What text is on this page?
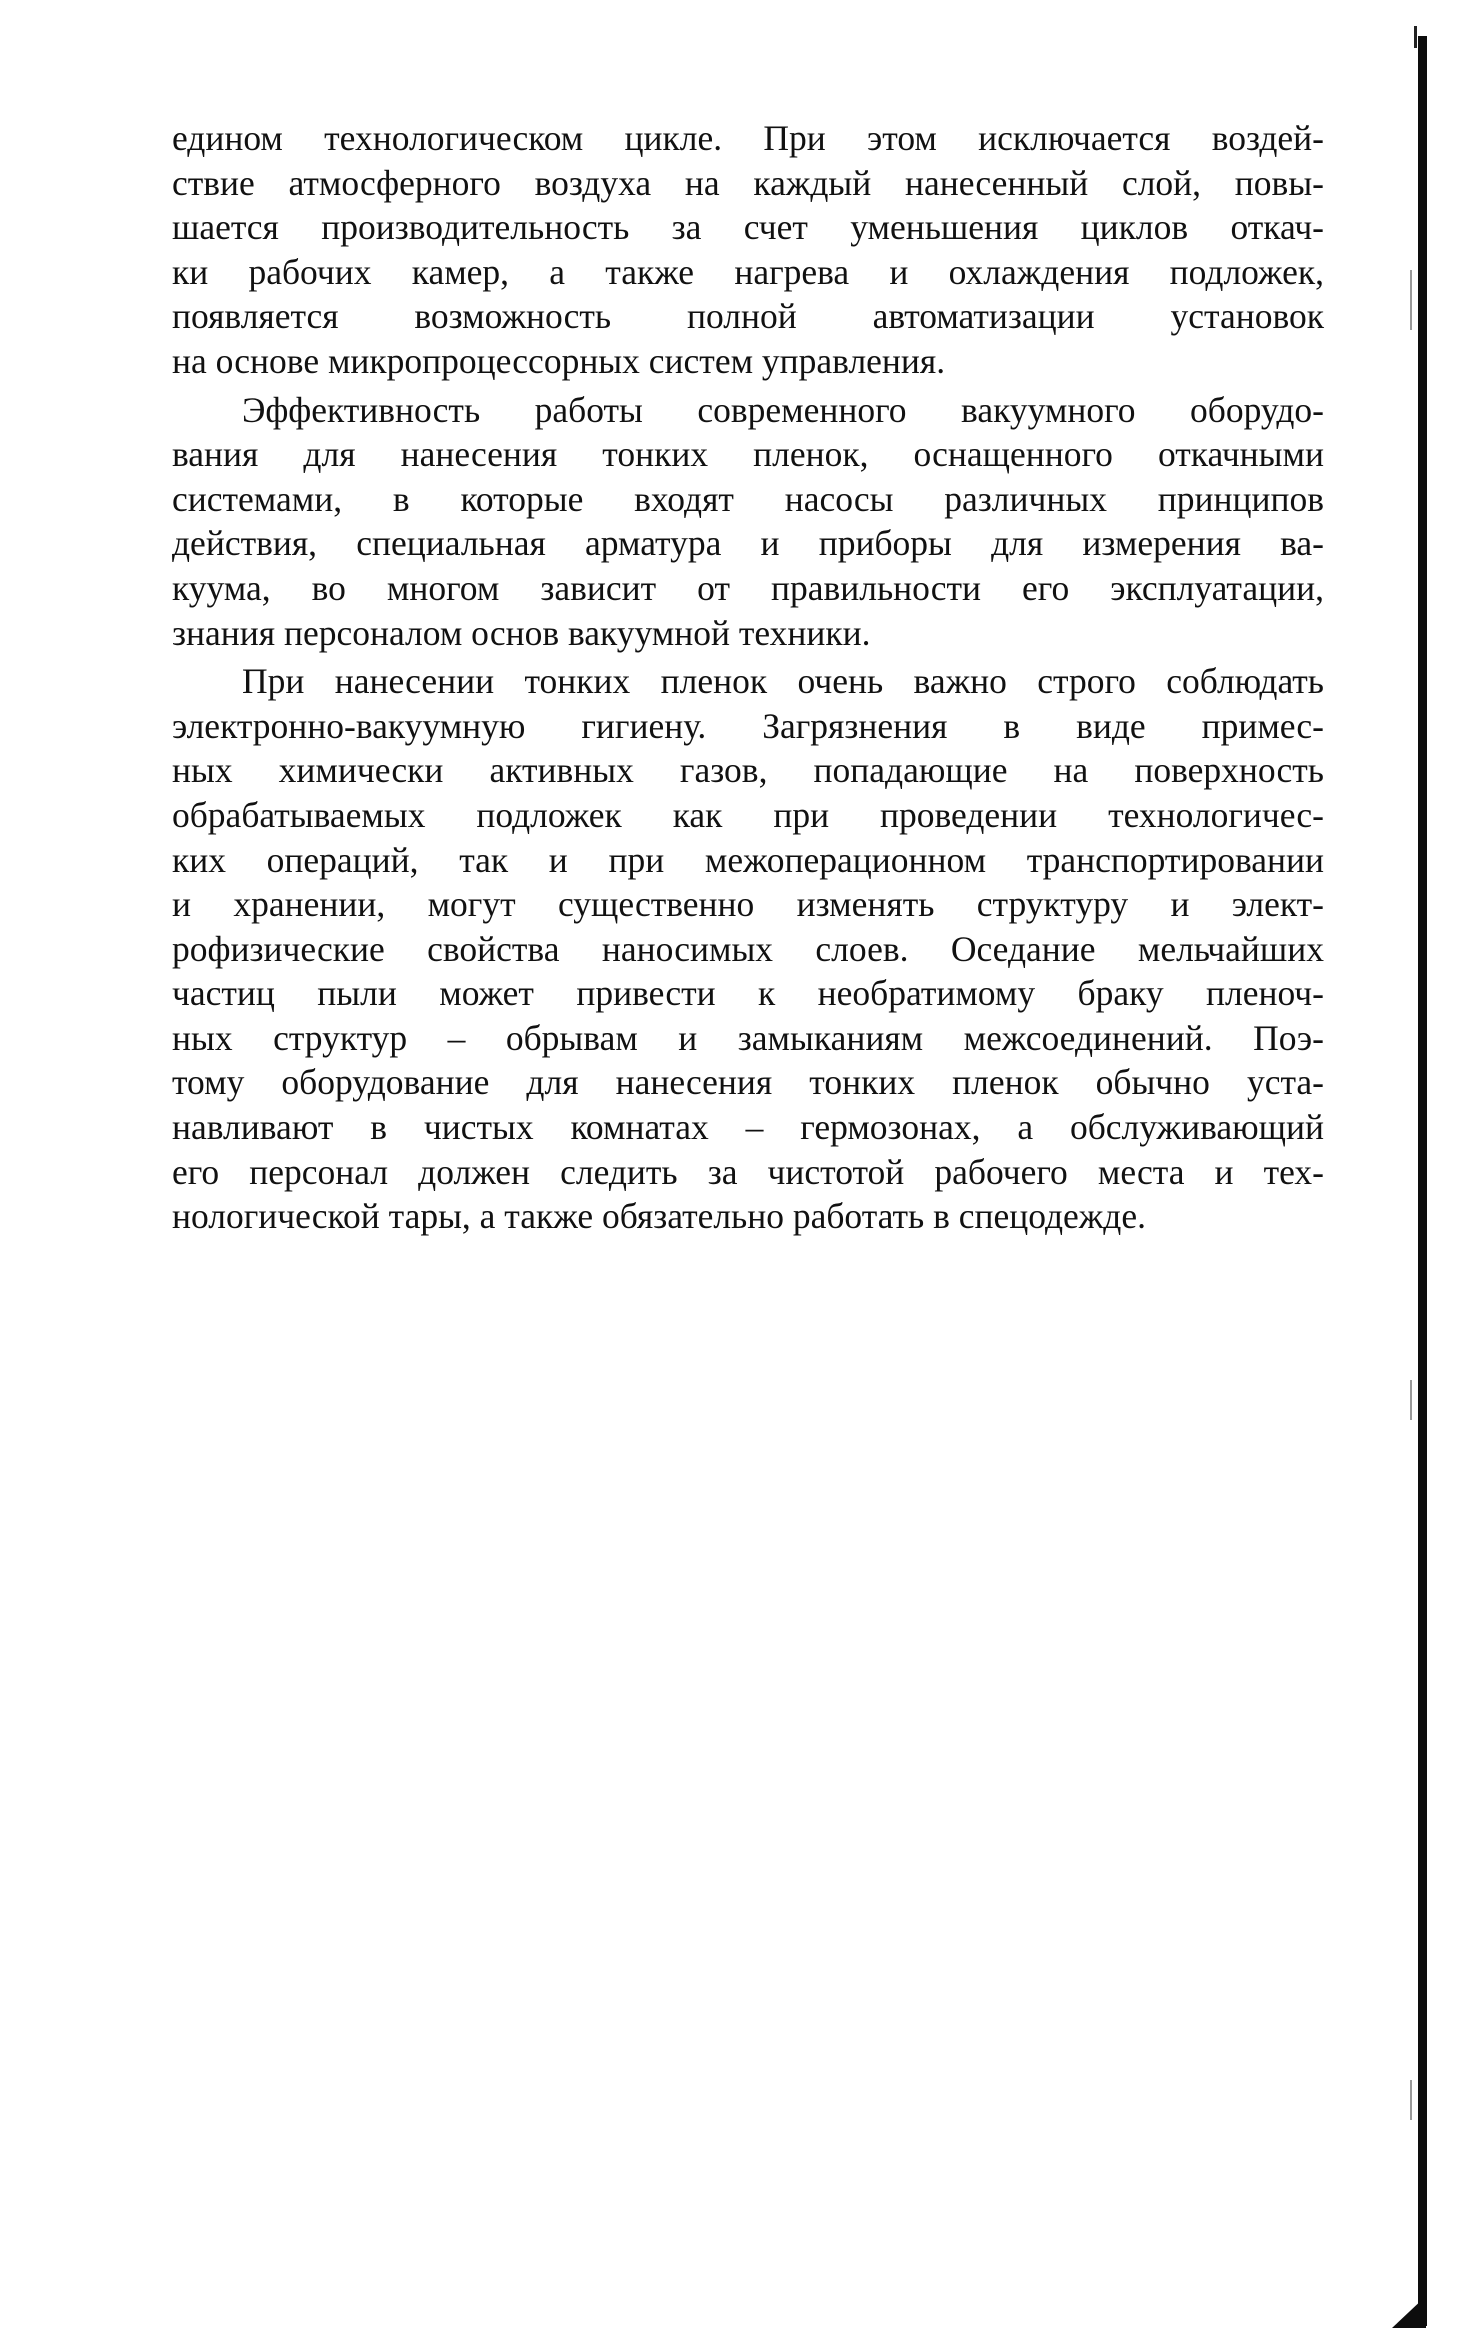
едином технологическом цикле. При этом исключается воздей-
ствие атмосферного воздуха на каждый нанесенный слой, повы-
шается производительность за счет уменьшения циклов откач-
ки рабочих камер, а также нагрева и охлаждения подложек,
появляется возможность полной автоматизации установок
на основе микропроцессорных систем управления.

Эффективность работы современного вакуумного оборудо-
вания для нанесения тонких пленок, оснащенного откачными
системами, в которые входят насосы различных принципов
действия, специальная арматура и приборы для измерения ва-
куума, во многом зависит от правильности его эксплуатации,
знания персоналом основ вакуумной техники.

При нанесении тонких пленок очень важно строго соблюдать
электронно-вакуумную гигиену. Загрязнения в виде примес-
ных химически активных газов, попадающие на поверхность
обрабатываемых подложек как при проведении технологичес-
ких операций, так и при межоперационном транспортировании
и хранении, могут существенно изменять структуру и элект-
рофизические свойства наносимых слоев. Оседание мельчайших
частиц пыли может привести к необратимому браку пленоч-
ных структур – обрывам и замыканиям межсоединений. Поэ-
тому оборудование для нанесения тонких пленок обычно уста-
навливают в чистых комнатах – гермозонах, а обслуживающий
его персонал должен следить за чистотой рабочего места и тех-
нологической тары, а также обязательно работать в спецодежде.
